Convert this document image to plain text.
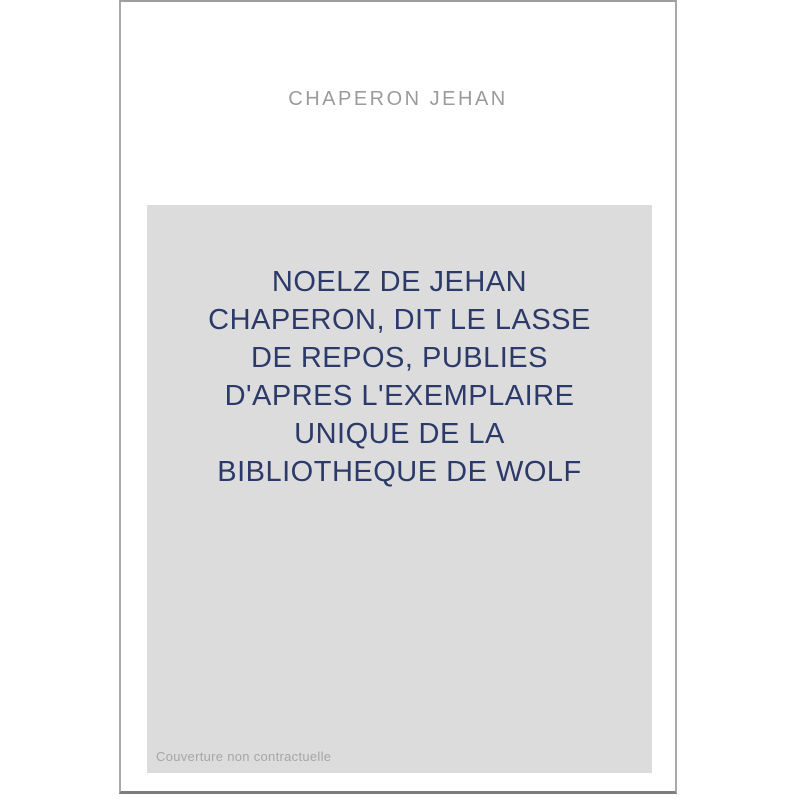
CHAPERON JEHAN
NOELZ DE JEHAN
CHAPERON, DIT LE LASSE
DE REPOS, PUBLIES
D'APRES L'EXEMPLAIRE
UNIQUE DE LA
BIBLIOTHEQUE DE WOLF
Couverture non contractuelle
